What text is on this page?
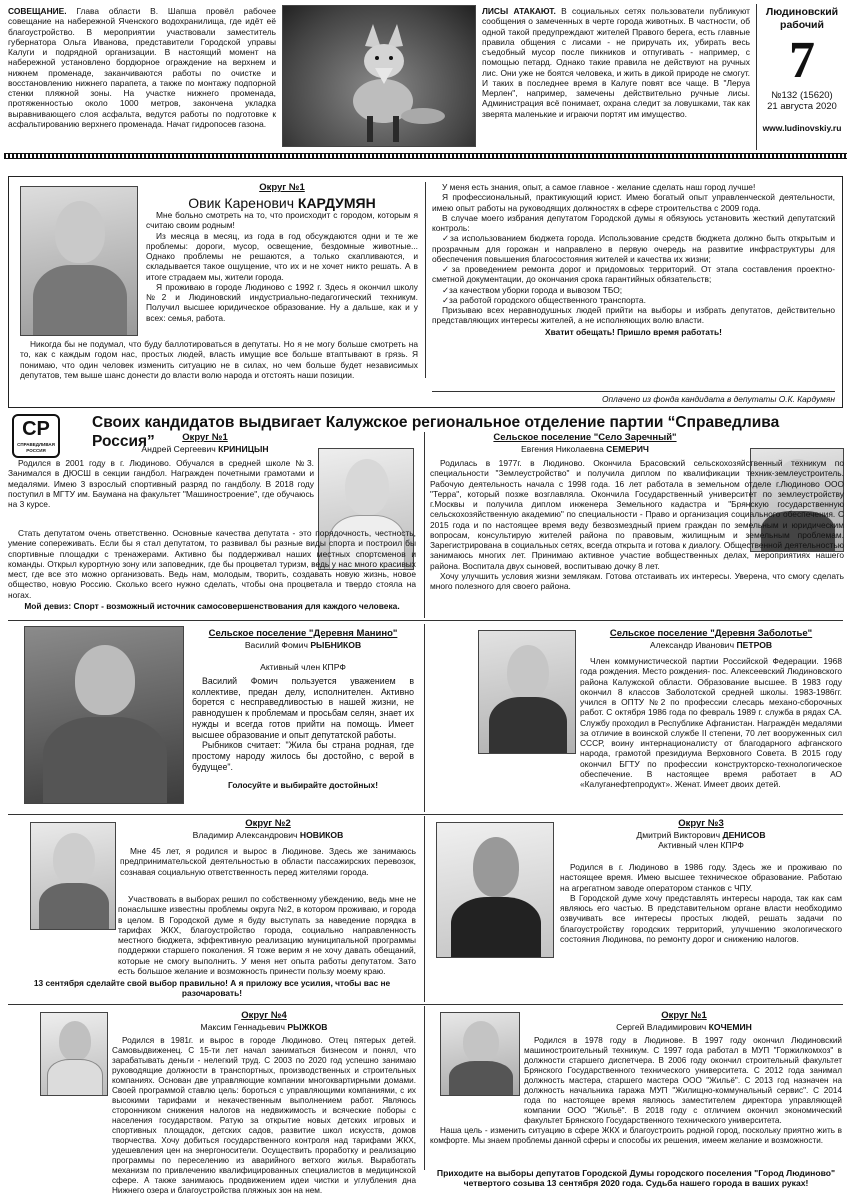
СОВЕЩАНИЕ. Глава области В. Шапша провёл рабочее совещание на набережной Яченского водохранилища, где идёт её благоустройство. В мероприятии участвовали заместитель губернатора Ольга Иванова, представители Городской управы Калуги и подрядной организации. В настоящий момент на набережной установлено бордюрное ограждение на верхнем и нижнем променаде, заканчиваются работы по очистке и восстановлению нижнего парапета, а также по монтажу подпорной стенки пляжной зоны. На участке нижнего променада, протяженностью около 1000 метров, закончена укладка выравнивающего слоя асфальта, ведутся работы по подготовке к асфальтированию верхнего променада. Начат гидропосев газона.
ЛИСЫ АТАКАЮТ. В социальных сетях пользователи публикуют сообщения о замеченных в черте города животных. В частности, об одной такой предупреждают жителей Правого берега, есть главные правила общения с лисами - не приручать их, убирать весь съедобный мусор после пикников и отпугивать - например, с помощью петард. Однако такие правила не действуют на ручных лис. Они уже не боятся человека, и жить в дикой природе не смогут. И таких в последнее время в Калуге повят все чаще. В "Леруа Мерлен", например, замечены действительно ручные лисы. Администрация всё понимает, охрана следит за ловушками, так как зверята маленькие и играючи портят им имущество.
Людиновский
рабочий
7
№132 (15620)
21 августа 2020
www.ludinovskiy.ru
Округ №1
Овик Каренович КАРДУМЯН

Мне больно смотреть на то, что происходит с городом, которым я считаю своим родным!

Из месяца в месяц, из года в год обсуждаются одни и те же проблемы: дороги, мусор, освещение, бездомные животные... Однако проблемы не решаются, а только скапливаются, и складывается такое ощущение, что их и не хочет никто решать. А в итоге страдаем мы, жители города.

Я проживаю в городе Людиново с 1992 г. Здесь я окончил школу №2 и Людиновский индустриально-педагогический техникум. Получил высшее юридическое образование. Ну а дальше, как и у всех: семья, работа.

Никогда бы не подумал, что буду баллотироваться в депутаты. Но я не могу больше смотреть на то, как с каждым годом нас, простых людей, власть имущие все больше втаптывают в грязь. Я понимаю, что один человек изменить ситуацию не в силах, но чем больше будет независимых депутатов, тем выше шанс донести до власти волю народа и отстоять наши позиции.

У меня есть знания, опыт, а самое главное - желание сделать наш город лучше!

Я профессиональный, практикующий юрист. Имею богатый опыт управленческой деятельности, имею опыт работы на руководящих должностях в сфере строительства с 2009 года.

В случае моего избрания депутатом Городской думы я обязуюсь установить жесткий депутатский контроль:

✓за использованием бюджета города. Использование средств бюджета должно быть открытым и прозрачным для горожан и направлено в первую очередь на развитие инфраструктуры для обеспечения повышения благосостояния жителей и качества их жизни;

✓за проведением ремонта дорог и придомовых территорий. От этапа составления проектно-сметной документации, до окончания срока гарантийных обязательств;

✓за качеством уборки города и вывозом ТБО;

✓за работой городского общественного транспорта.

Призываю всех неравнодушных людей прийти на выборы и избрать депутатов, действительно представляющих интересы жителей, а не исполняющих волю власти.

Хватит обещать! Пришло время работать!
Оплачено из фонда кандидата в депутаты О.К. Кардумян
СР
СПРАВЕДЛИВАЯ РОССИЯ
Своих кандидатов выдвигает Калужское региональное отделение партии “Справедлива Россия”	Округ №1
Андрей Сергеевич КРИНИЦЫН

Родился в 2001 году в г. Людиново. Обучался в средней школе №3. Занимался в ДЮСШ в секции гандбол. Награжден почетными грамотами и медалями. Имею 3 взрослый спортивный разряд по гандболу. В 2018 году поступил в МГТУ им. Баумана на факультет "Машиностроение", где обучаюсь на 3 курсе.

Стать депутатом очень ответственно. Основные качества депутата - это порядочность, честность, умение сопереживать. Если бы я стал депутатом, то развивал бы разные виды спорта и построил бы спортивные площадки с тренажерами. Активно бы поддерживал наших местных спортсменов и команды. Открыл курортную зону или заповедник, где бы процветал туризм, ведь у нас много красивых мест, где все это можно организовать. Ведь нам, молодым, творить, создавать новую жизнь, новое общество, новую Россию. Сколько всего нужно сделать, чтобы она процветала и твердо стояла на ногах.

Мой девиз: Спорт - возможный источник самосовершенствования для каждого человека.
Сельское поселение "Село Заречный"
Евгения Николаевна СЕМЕРИЧ

Родилась в 1977г. в Людиново. Окончила Брасовский сельскохозяйственный техникум по специальности "Землеустройство" и получила диплом по квалификации техник-землеустроитель. Рабочую деятельность начала с 1998 года. 16 лет работала в земельном отделе г.Людиново ООО "Терра", который позже возглавляла. Окончила Государственный университет по землеустройству г.Москвы и получила диплом инженера Земельного кадастра и "Брянскую государственную сельскохозяйственную академию" по специальности - Право и организация социального обеспечения. С 2015 года и по настоящее время веду безвозмездный прием граждан по земельным и юридическим вопросам, консультирую жителей района по правовым, жилищным и земельным проблемам. Зарегистрирована в социальных сетях, всегда открыта и готова к диалогу. Общественной деятельностью занимаюсь многих лет. Принимаю активное участие вобщественных делах, мероприятиях нашего района. Воспитала двух сыновей, воспитываю дочку 8 лет.

Хочу улучшить условия жизни землякам. Готова отстаивать их интересы. Уверена, что смогу сделать много полезного для своего района.

Сельское поселение "Деревня Манино"
Василий Фомич РЫБНИКОВ
Активный член КПРФ

Василий Фомич пользуется уважением в коллективе, предан делу, исполнителен. Активно борется с несправедливостью в нашей жизни, не равнодушен к проблемам и просьбам селян, знает их нужды и всегда готов прийти на помощь. Имеет высшее образование и опыт депутатской работы.

Рыбников считает: "Жила бы страна родная, где простому народу жилось бы достойно, с верой в будущее".

Голосуйте и выбирайте достойных!
Сельское поселение "Деревня Заболотье"
Александр Иванович ПЕТРОВ

Член коммунистической партии Российской Федерации. 1968 года рождения. Место рождения- пос. Алексеевский Людиновского района Калужской области. Образование высшее. В 1983 году окончил 8 классов Заболотской средней школы. 1983-1986гг. учился в ОПТУ №2 по профессии слесарь механо-сборочных работ. С октября 1986 года по февраль 1989 г. служба в рядах СА. Службу проходил в Республике Афганистан. Награждён медалями за отличие в воинской службе II степени, 70 лет вооруженных сил СССР, воину интернационалисту от благодарного афганского народа, грамотой президиума Верховного Совета. В 2015 году окончил БГТУ по профессии конструкторско-технологическое обеспечение. В настоящее время работает в АО «Калуганефтепродукт». Женат. Имеет двоих детей.

Округ №2
Владимир Александрович НОВИКОВ

Мне 45 лет, я родился и вырос в Людинове. Здесь же занимаюсь предпринимательской деятельностью в области пассажирских перевозок, сознавая социальную ответственность перед жителями города.

Участвовать в выборах решил по собственному убеждению, ведь мне не понаслышке известны проблемы округа №2, в котором проживаю, и города в целом. В Городской думе я буду выступать за наведение порядка в тарифах ЖКХ, благоустройство города, социально направленность местного бюджета, эффективную реализацию муниципальной программы поддержки старшего поколения. Я тоже верим я не хочу давать обещаний, которые не смогу выполнить. У меня нет опыта работы депутатом. Зато есть большое желание и возможность принести пользу моему краю.

13 сентября сделайте свой выбор правильно! А я приложу все усилия, чтобы вас не разочаровать!
Округ №3
Дмитрий Викторович ДЕНИСОВ
Активный член КПРФ

Родился в г. Людиново в 1986 году. Здесь же и проживаю по настоящее время. Имею высшее техническое образование. Работаю на агрегатном заводе оператором станков с ЧПУ.

В Городской думе хочу представлять интересы народа, так как сам являюсь его частью. В представительном органе власти необходимо озвучивать все интересы простых людей, решать задачи по благоустройству городских территорий, улучшению экологического состояния Людинова, по ремонту дорог и снижению налогов.

Округ №4
Максим Геннадьевич РЫЖКОВ

Родился в 1981г. и вырос в городе Людиново. Отец пятерых детей. Самовыдвиженец. С 15-ти лет начал заниматься бизнесом и понял, что зарабатывать деньги - нелегкий труд. С 2003 по 2020 год успешно занимаю руководящие должности в транспортных, производственных и строительных компаниях. Основан две управляющие компании многоквартирными домами. Своей программой ставлю цель: бороться с управляющими компаниями, с их высокими тарифами и некачественным выполнением работ. Являюсь сторонником снижения налогов на недвижимость и всяческие поборы с населения государством. Ратую за открытие новых детских игровых и спортивных площадок, детских садов, развитие школ искусств, домов творчества. Хочу добиться государственного контроля над тарифами ЖКХ, удешевления цен на энергоносители. Осуществить проработку и реализацию программы по переселению из аварийного ветхого жилья. Выработать механизм по привлечению квалифицированных специалистов в медицинской сфере. А также занимаюсь продвижением идеи чистки и углубления дна Нижнего озера и благоустройства пляжных зон на нем.

Округ №1
Сергей Владимирович КОЧЕМИН

Родился в 1978 году в Людинове. В 1997 году окончил Людиновский машиностроительный техникум. С 1997 года работал в МУП "Горжилкомхоз" в должности старшего диспетчера. В 2006 году окончил строительный факультет Брянского Государственного технического университета. С 2012 года занимал должность мастера, старшего мастера ООО "Жильё". С 2013 год назначен на должность начальника гаража МУП "Жилищно-коммунальный сервис". С 2014 года по настоящее время являюсь заместителем директора управляющей компании ООО "Жильё". В 2018 году с отличием окончил экономический факультет Брянского Государственного технического университета.

Наша цель - изменить ситуацию в сфере ЖКХ и благоустроить родной город, поскольку приятно жить в комфорте. Мы знаем проблемы данной сферы и способы их решения, имеем желание и возможности.

Приходите на выборы депутатов Городской Думы городского поселения "Город Людиново" четвертого созыва 13 сентября 2020 года. Судьба нашего города в ваших руках!
